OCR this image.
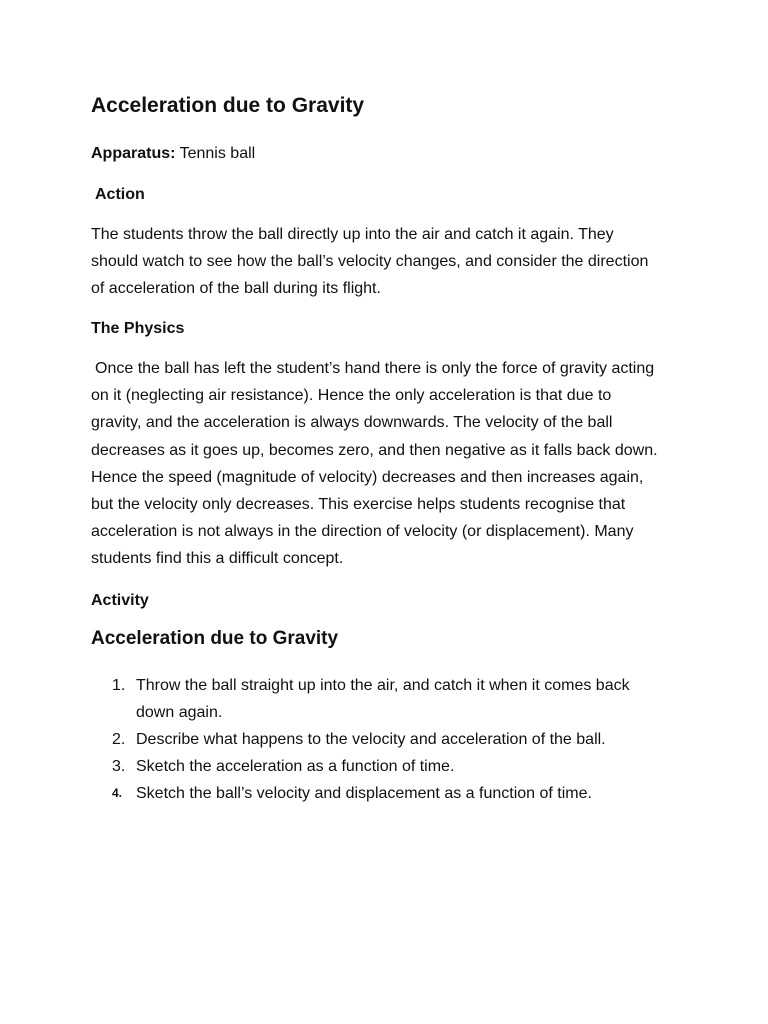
Acceleration due to Gravity
Apparatus: Tennis ball
Action

The students throw the ball directly up into the air and catch it again. They should watch to see how the ball’s velocity changes, and consider the direction of acceleration of the ball during its flight.

The Physics

Once the ball has left the student’s hand there is only the force of gravity acting on it (neglecting air resistance). Hence the only acceleration is that due to gravity, and the acceleration is always downwards. The velocity of the ball decreases as it goes up, becomes zero, and then negative as it falls back down. Hence the speed (magnitude of velocity) decreases and then increases again, but the velocity only decreases. This exercise helps students recognise that acceleration is not always in the direction of velocity (or displacement). Many students find this a difficult concept.

Activity
Acceleration due to Gravity
1. Throw the ball straight up into the air, and catch it when it comes back down again.
2. Describe what happens to the velocity and acceleration of the ball.
3. Sketch the acceleration as a function of time.
4. Sketch the ball’s velocity and displacement as a function of time.
